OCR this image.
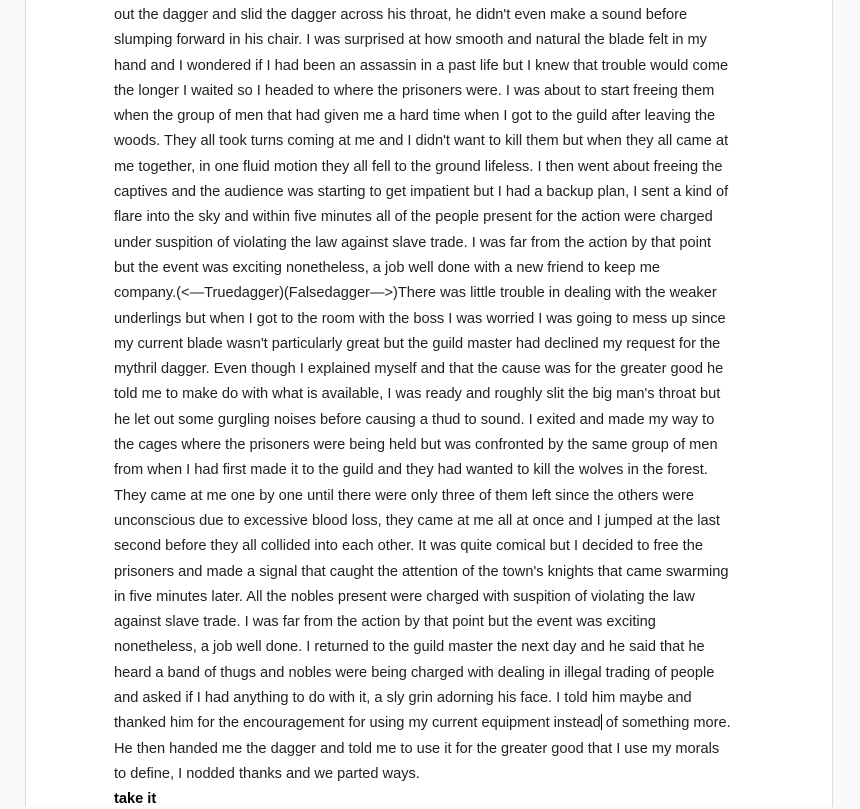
out the dagger and slid the dagger across his throat, he didn't even make a sound before
slumping forward in his chair. I was surprised at how smooth and natural the blade felt in my
hand and I wondered if I had been an assassin in a past life but I knew that trouble would come
the longer I waited so I headed to where the prisoners were. I was about to start freeing them
when the group of men that had given me a hard time when I got to the guild after leaving the
woods. They all took turns coming at me and I didn't want to kill them but when they all came at
me together, in one fluid motion they all fell to the ground lifeless. I then went about freeing the
captives and the audience was starting to get impatient but I had a backup plan, I sent a kind of
flare into the sky and within five minutes all of the people present for the action were charged
under suspition of violating the law against slave trade. I was far from the action by that point
but the event was exciting nonetheless, a job well done with a new friend to keep me
company.(<—Truedagger)(Falsedagger—>)There was little trouble in dealing with the weaker
underlings but when I got to the room with the boss I was worried I was going to mess up since
my current blade wasn't particularly great but the guild master had declined my request for the
mythril dagger. Even though I explained myself and that the cause was for the greater good he
told me to make do with what is available, I was ready and roughly slit the big man's throat but
he let out some gurgling noises before causing a thud to sound. I exited and made my way to
the cages where the prisoners were being held but was confronted by the same group of men
from when I had first made it to the guild and they had wanted to kill the wolves in the forest.
They came at me one by one until there were only three of them left since the others were
unconscious due to excessive blood loss, they came at me all at once and I jumped at the last
second before they all collided into each other. It was quite comical but I decided to free the
prisoners and made a signal that caught the attention of the town's knights that came swarming
in five minutes later. All the nobles present were charged with suspition of violating the law
against slave trade. I was far from the action by that point but the event was exciting
nonetheless, a job well done. I returned to the guild master the next day and he said that he
heard a band of thugs and nobles were being charged with dealing in illegal trading of people
and asked if I had anything to do with it, a sly grin adorning his face. I told him maybe and
thanked him for the encouragement for using my current equipment instead of something more.
He then handed me the dagger and told me to use it for the greater good that I use my morals
to define, I nodded thanks and we parted ways.
take it
